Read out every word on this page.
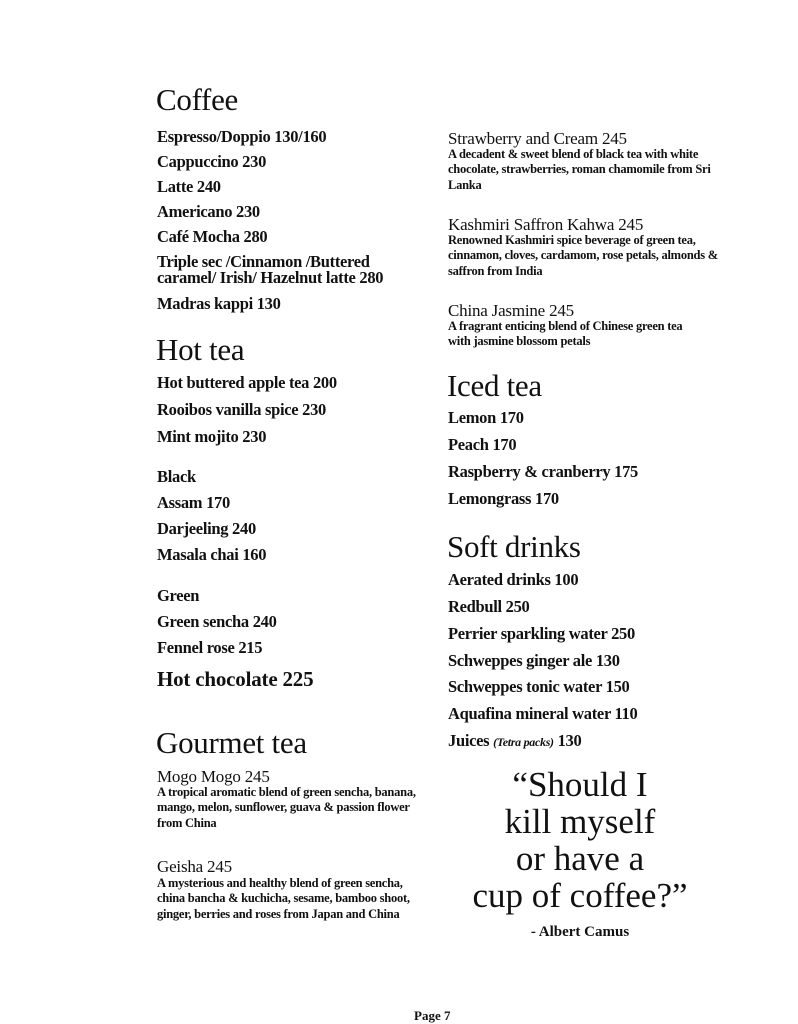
Coffee
Espresso/Doppio 130/160
Cappuccino 230
Latte 240
Americano 230
Café Mocha 280
Triple sec /Cinnamon /Buttered caramel/ Irish/ Hazelnut latte 280
Madras kappi 130
Hot tea
Hot buttered apple tea 200
Rooibos vanilla spice 230
Mint mojito 230
Black
Assam 170
Darjeeling 240
Masala chai 160
Green
Green sencha 240
Fennel rose 215
Hot chocolate 225
Gourmet tea
Mogo Mogo 245
A tropical aromatic blend of green sencha, banana, mango, melon, sunflower, guava & passion flower from China
Geisha 245
A mysterious and healthy blend of green sencha, china bancha & kuchicha, sesame, bamboo shoot, ginger, berries and roses from Japan and China
Strawberry and Cream 245
A decadent & sweet blend of black tea with white chocolate, strawberries, roman chamomile from Sri Lanka
Kashmiri Saffron Kahwa 245
Renowned Kashmiri spice beverage of green tea, cinnamon, cloves, cardamom, rose petals, almonds & saffron from India
China Jasmine 245
A fragrant enticing blend of Chinese green tea with jasmine blossom petals
Iced tea
Lemon 170
Peach 170
Raspberry & cranberry 175
Lemongrass 170
Soft drinks
Aerated drinks 100
Redbull 250
Perrier sparkling water 250
Schweppes ginger ale 130
Schweppes tonic water 150
Aquafina mineral water 110
Juices (Tetra packs) 130
“Should I
kill myself
or have a
cup of coffee?”
- Albert Camus
Page 7
